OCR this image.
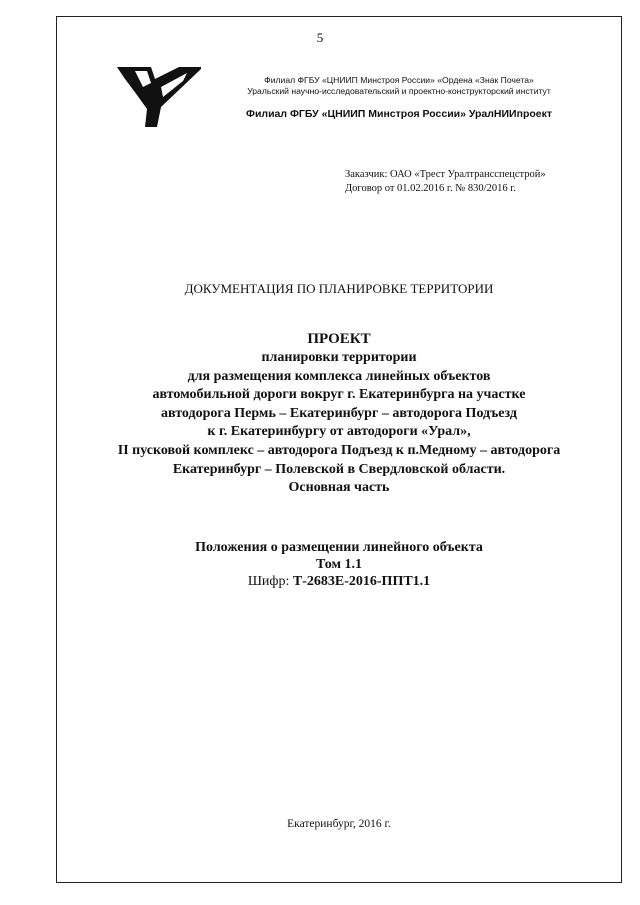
5
Филиал ФГБУ «ЦНИИП Минстроя России» «Ордена «Знак Почета»
Уральский научно-исследовательский и проектно-конструкторский институт
Филиал ФГБУ «ЦНИИП Минстроя России» УралНИИпроект
Заказчик: ОАО «Трест Уралтрансспецстрой»
Договор от 01.02.2016 г. № 830/2016 г.
ДОКУМЕНТАЦИЯ ПО ПЛАНИРОВКЕ ТЕРРИТОРИИ
ПРОЕКТ
планировки территории
для размещения комплекса линейных объектов
автомобильной дороги вокруг г. Екатеринбурга на участке
автодорога Пермь – Екатеринбург – автодорога Подъезд
к г. Екатеринбургу от автодороги «Урал»,
II пусковой комплекс – автодорога Подъезд к п.Медному – автодорога
Екатеринбург – Полевской в Свердловской области.
Основная часть
Положения о размещении линейного объекта
Том 1.1
Шифр: Т-2683Е-2016-ППТ1.1
Екатеринбург, 2016 г.
